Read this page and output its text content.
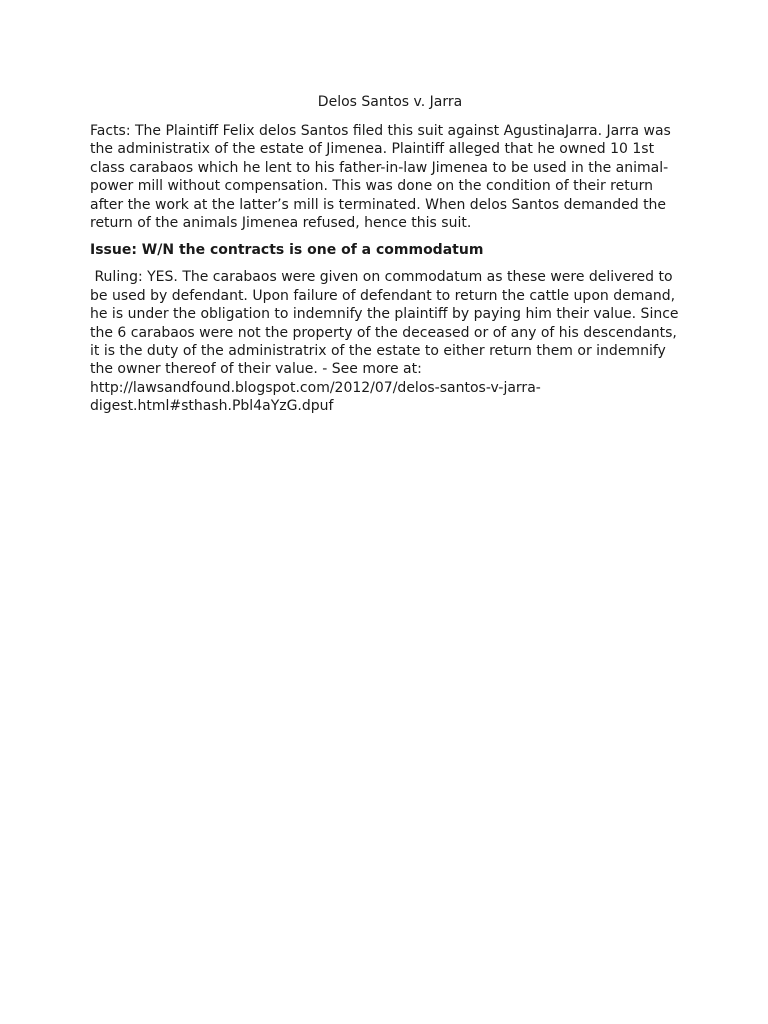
Delos Santos v. Jarra

Facts: The Plaintiff Felix delos Santos filed this suit against AgustinaJarra. Jarra was the administratix of the estate of Jimenea. Plaintiff alleged that he owned 10 1st class carabaos which he lent to his father-in-law Jimenea to be used in the animal-power mill without compensation. This was done on the condition of their return after the work at the latter’s mill is terminated. When delos Santos demanded the return of the animals Jimenea refused, hence this suit.

Issue: W/N the contracts is one of a commodatum

Ruling: YES. The carabaos were given on commodatum as these were delivered to be used by defendant. Upon failure of defendant to return the cattle upon demand, he is under the obligation to indemnify the plaintiff by paying him their value. Since the 6 carabaos were not the property of the deceased or of any of his descendants, it is the duty of the administratrix of the estate to either return them or indemnify the owner thereof of their value. - See more at: http://lawsandfound.blogspot.com/2012/07/delos-santos-v-jarra-digest.html#sthash.Pbl4aYzG.dpuf
